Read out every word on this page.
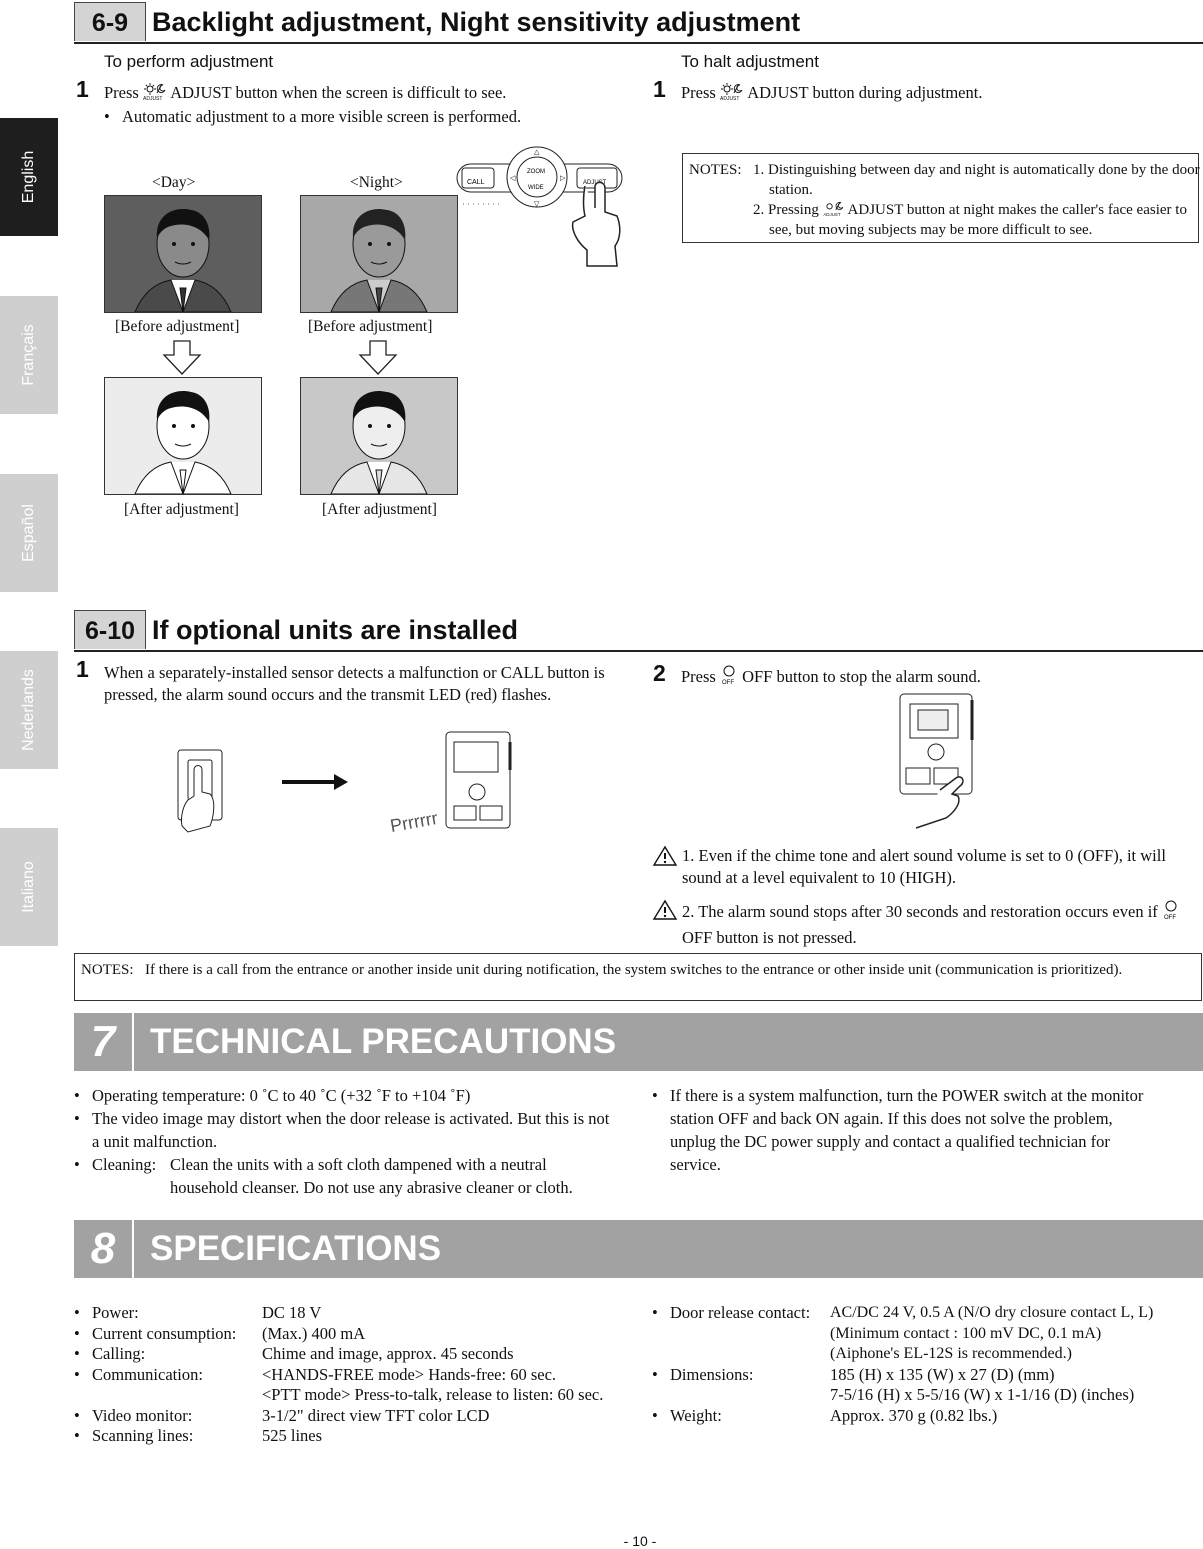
English
Français
Español
Nederlands
Italiano
6-9 Backlight adjustment, Night sensitivity adjustment
To perform adjustment
1 Press ADJUST ADJUST button when the screen is difficult to see.
• Automatic adjustment to a more visible screen is performed.
<Day>	<Night>
[Before adjustment]	[Before adjustment]
[After adjustment]	[After adjustment]
CALL
ZOOM
WIDE
△
▽
◁	▷
ADJUST
To halt adjustment
1 Press ADJUST ADJUST button during adjustment.
NOTES: 1. Distinguishing between day and night is automatically done by the door station.
2. Pressing ADJUST ADJUST button at night makes the caller's face easier to see, but moving subjects may be more difficult to see.
6-10 If optional units are installed
1 When a separately-installed sensor detects a malfunction or CALL button is pressed, the alarm sound occurs and the transmit LED (red) flashes.
Prrrrrr
2 Press OFF OFF button to stop the alarm sound.
1. Even if the chime tone and alert sound volume is set to 0 (OFF), it will sound at a level equivalent to 10 (HIGH).
2. The alarm sound stops after 30 seconds and restoration occurs even if OFF
OFF button is not pressed.
NOTES: If there is a call from the entrance or another inside unit during notification, the system switches to the entrance or other inside unit (communication is prioritized).
7 TECHNICAL PRECAUTIONS
• Operating temperature: 0 ˚C to 40 ˚C (+32 ˚F to +104 ˚F)
• The video image may distort when the door release is activated. But this is not a unit malfunction.
• Cleaning: Clean the units with a soft cloth dampened with a neutral household cleanser. Do not use any abrasive cleaner or cloth.
• If there is a system malfunction, turn the POWER switch at the monitor station OFF and back ON again. If this does not solve the problem, unplug the DC power supply and contact a qualified technician for service.
8 SPECIFICATIONS
• Power:	DC 18 V
• Current consumption: (Max.) 400 mA
• Calling:	Chime and image, approx. 45 seconds
• Communication:	<HANDS-FREE mode> Hands-free: 60 sec.
<PTT mode> Press-to-talk, release to listen: 60 sec.
• Video monitor:	3-1/2" direct view TFT color LCD
• Scanning lines:	525 lines
• Door release contact: AC/DC 24 V, 0.5 A (N/O dry closure contact L, L)
(Minimum contact : 100 mV DC, 0.1 mA)
(Aiphone's EL-12S is recommended.)
• Dimensions:	185 (H) x 135 (W) x 27 (D) (mm)
7-5/16 (H) x 5-5/16 (W) x 1-1/16 (D) (inches)
• Weight:	Approx. 370 g (0.82 lbs.)
- 10 -
